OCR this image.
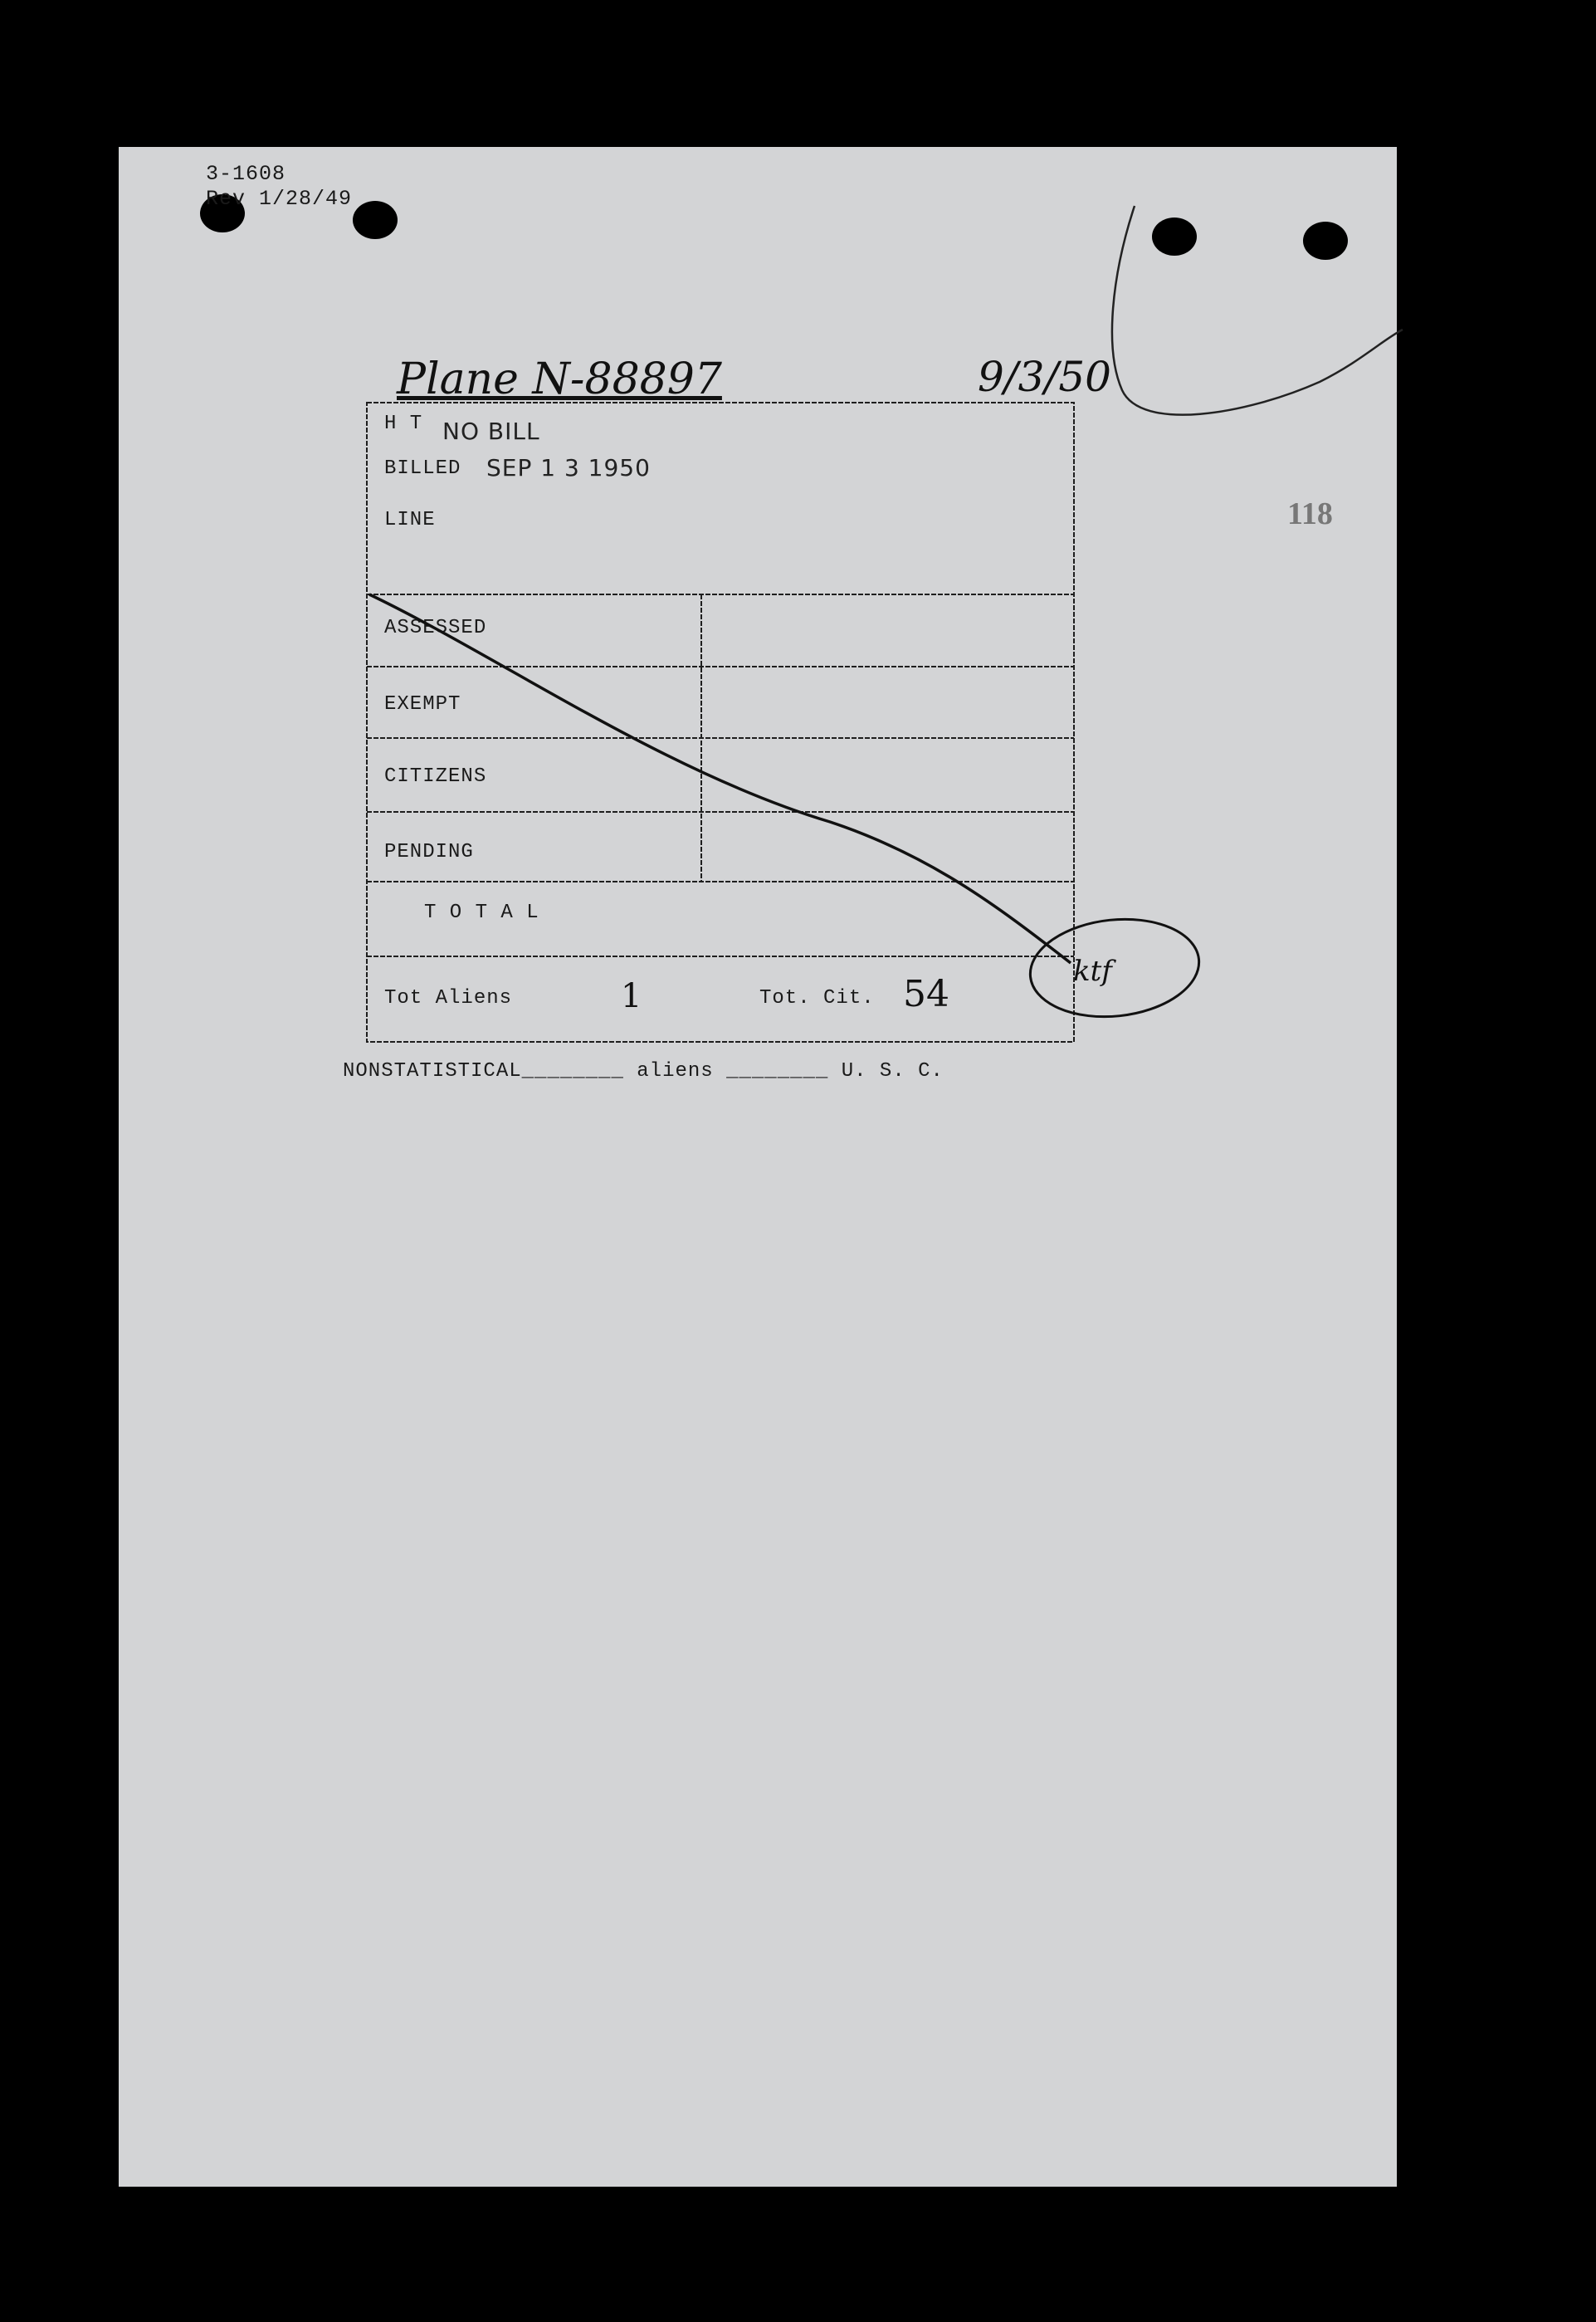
3-1608
Rev 1/28/49
118
Plane N-88897	9/3/50
H T NO BILL
BILLED SEP 1 3 1950
LINE
ASSESSED
EXEMPT
CITIZENS
PENDING
T O T A L
Tot Aliens	1	Tot. Cit. 54
ktf
NONSTATISTICAL________ aliens ________ U. S. C.
